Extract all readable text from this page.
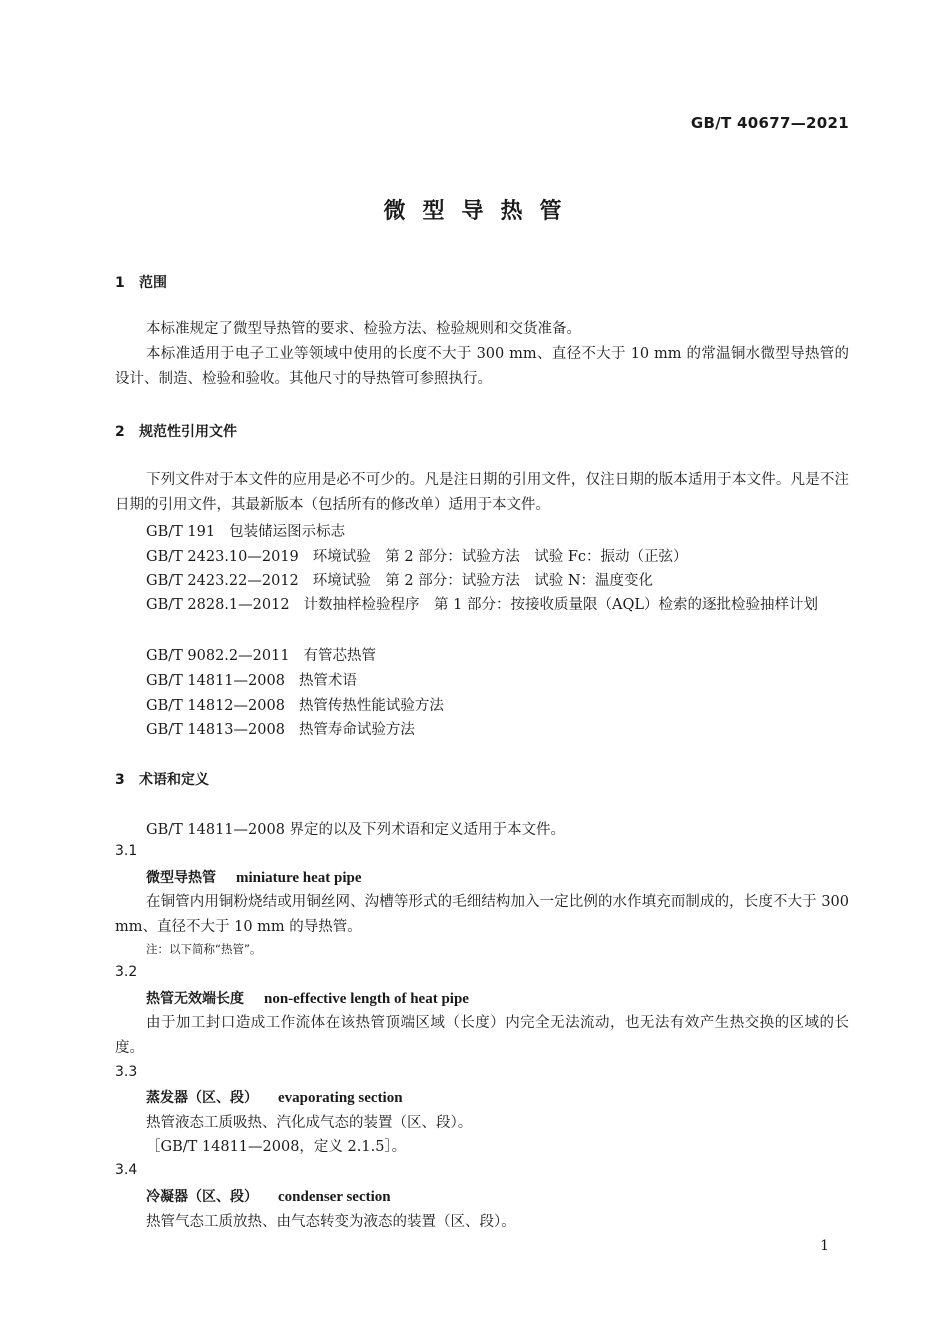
GB/T 40677—2021
微型导热管
1 范围
本标准规定了微型导热管的要求、检验方法、检验规则和交货准备。
本标准适用于电子工业等领域中使用的长度不大于 300 mm、直径不大于 10 mm 的常温铜水微型导热管的设计、制造、检验和验收。其他尺寸的导热管可参照执行。
2 规范性引用文件
下列文件对于本文件的应用是必不可少的。凡是注日期的引用文件，仅注日期的版本适用于本文件。凡是不注日期的引用文件，其最新版本（包括所有的修改单）适用于本文件。
GB/T 191 包装储运图示标志
GB/T 2423.10—2019 环境试验　第 2 部分：试验方法　试验 Fc：振动（正弦）
GB/T 2423.22—2012 环境试验　第 2 部分：试验方法　试验 N：温度变化
GB/T 2828.1—2012 计数抽样检验程序　第 1 部分：按接收质量限（AQL）检索的逐批检验抽样计划
GB/T 9082.2—2011 有管芯热管
GB/T 14811—2008 热管术语
GB/T 14812—2008 热管传热性能试验方法
GB/T 14813—2008 热管寿命试验方法
3 术语和定义
GB/T 14811—2008 界定的以及下列术语和定义适用于本文件。
3.1
微型导热管 miniature heat pipe
在铜管内用铜粉烧结或用铜丝网、沟槽等形式的毛细结构加入一定比例的水作填充而制成的，长度不大于 300 mm、直径不大于 10 mm 的导热管。
注：以下简称“热管”。
3.2
热管无效端长度 non-effective length of heat pipe
由于加工封口造成工作流体在该热管顶端区域（长度）内完全无法流动，也无法有效产生热交换的区域的长度。
3.3
蒸发器（区、段） evaporating section
热管液态工质吸热、汽化成气态的装置（区、段）。
［GB/T 14811—2008，定义 2.1.5］。
3.4
冷凝器（区、段） condenser section
热管气态工质放热、由气态转变为液态的装置（区、段）。
1
